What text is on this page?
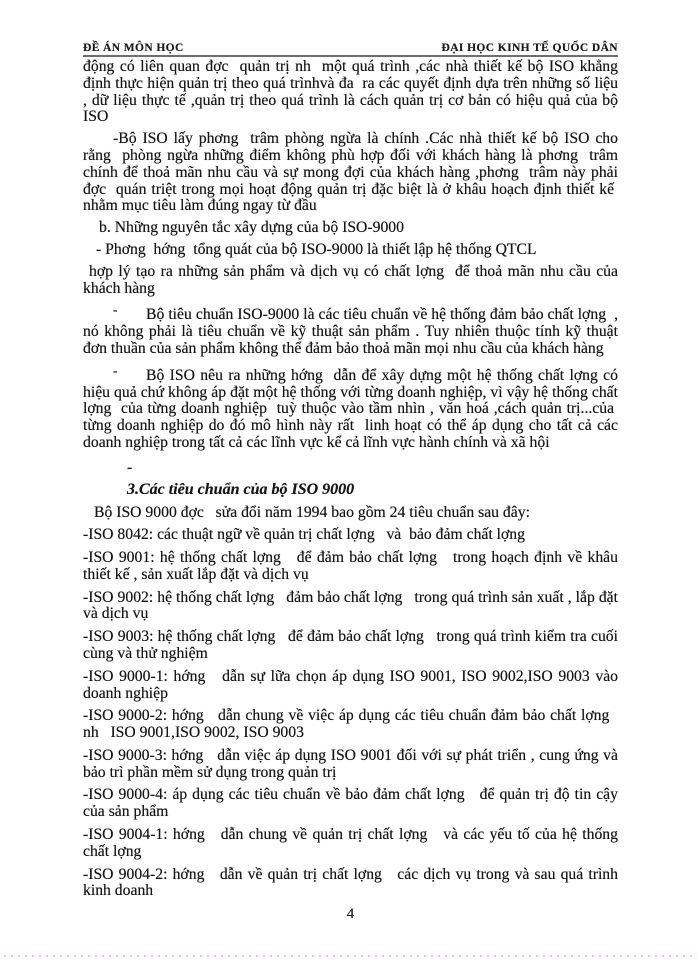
ĐỀ ÁN MÔN HỌC	ĐẠI HỌC KINH TẾ QUỐC DÂN

động có liên quan đợc  quản trị nh  một quá trình ,các nhà thiết kế bộ ISO khẳng định thực hiện quản trị theo quá trìnhvà đa  ra các quyết định dựa trên những số liệu , dữ liệu thực tế ,quản trị theo quá trình là cách quản trị cơ bản có hiệu quả của bộ ISO

-Bộ ISO lấy phơng  trâm phòng ngừa là chính .Các nhà thiết kế bộ ISO cho rằng  phòng ngừa những điểm không phù hợp đối với khách hàng là phơng  trâm chính để thoả mãn nhu cầu và sự mong đợi của khách hàng ,phơng  trâm này phải đợc  quán triệt trong mọi hoạt động quản trị đặc biệt là ở khâu hoạch định thiết kế  nhằm mục tiêu làm đúng ngay từ đầu

b. Những nguyên tắc xây dựng của bộ ISO-9000

- Phơng  hớng  tổng quát của bộ ISO-9000 là thiết lập hệ thống QTCL

hợp lý tạo ra những sản phẩm và dịch vụ có chất lợng  để thoả mãn nhu cầu của khách hàng

- Bộ tiêu chuẩn ISO-9000 là các tiêu chuẩn về hệ thống đảm bảo chất lợng  , nó không phải là tiêu chuẩn về kỹ thuật sản phẩm . Tuy nhiên thuộc tính kỹ thuật đơn thuần của sản phẩm không thể đảm bảo thoả mãn mọi nhu cầu của khách hàng

- Bộ ISO nêu ra những hớng  dẫn để xây dựng một hệ thống chất lợng có hiệu quả chứ không áp đặt một hệ thống với từng doanh nghiệp, vì vậy hệ thống chất lợng  của từng doanh nghiệp  tuỳ thuộc vào tầm nhìn , văn hoá ,cách quản trị...của  từng doanh nghiệp do đó mô hình này rất  linh hoạt có thể áp dụng cho tất cả các doanh nghiệp trong tất cả các lĩnh vực kể cả lĩnh vực hành chính và xã hội

-

3.Các tiêu chuẩn của bộ ISO 9000

Bộ ISO 9000 đợc   sửa đổi năm 1994 bao gồm 24 tiêu chuẩn sau đây:

-ISO 8042: các thuật ngữ về quản trị chất lợng   và  bảo đảm chất lợng

-ISO 9001: hệ thống chất lợng   để đảm bảo chất lợng   trong hoạch định về khâu thiết kế , sản xuất lắp đặt và dịch vụ

-ISO 9002: hệ thống chất lợng   đảm bảo chất lợng   trong quá trình sản xuất , lắp đặt và dịch vụ

-ISO 9003: hệ thống chất lợng   để đảm bảo chất lợng   trong quá trình kiểm tra cuối cùng và thử nghiệm

-ISO 9000-1: hớng   dẫn sự lữa chọn áp dụng ISO 9001, ISO 9002,ISO 9003 vào doanh nghiệp

-ISO 9000-2: hớng   dẫn chung về việc áp dụng các tiêu chuẩn đảm bảo chất lợng   nh   ISO 9001,ISO 9002, ISO 9003

-ISO 9000-3: hớng   dẫn việc áp dụng ISO 9001 đối với sự phát triển , cung ứng và bảo trì phần mềm sử dụng trong quản trị

-ISO 9000-4: áp dụng các tiêu chuẩn về bảo đảm chất lợng   để quản trị độ tin cậy của sản phẩm

-ISO 9004-1: hớng   dẫn chung về quản trị chất lợng   và các yếu tố của hệ thống chất lợng

-ISO 9004-2: hớng   dẫn về quản trị chất lợng   các dịch vụ trong và sau quá trình kinh doanh

4
